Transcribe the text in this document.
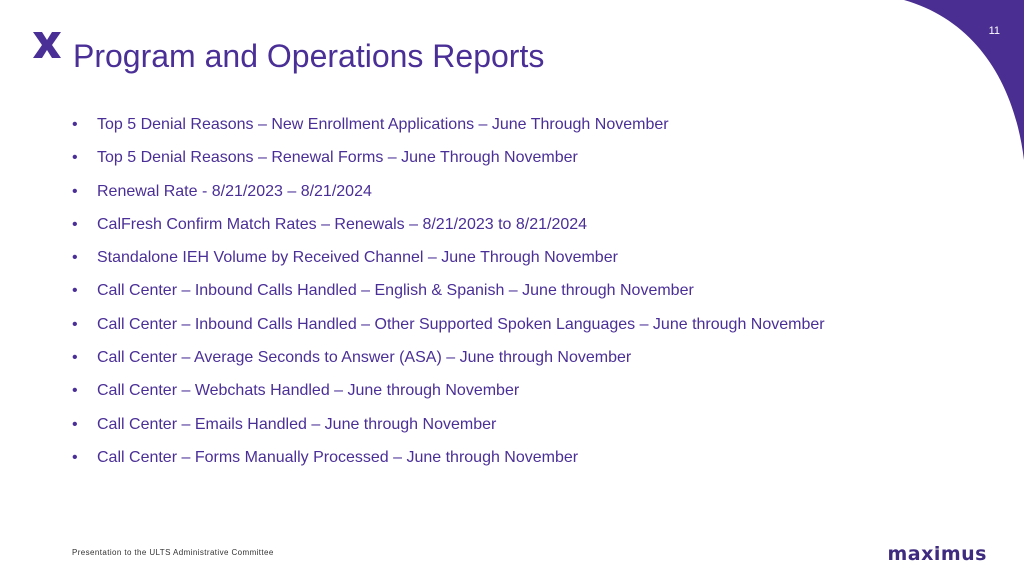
11
Program and Operations Reports
•	Top 5 Denial Reasons – New Enrollment Applications – June Through November
•	Top 5 Denial Reasons – Renewal Forms – June Through November
•	Renewal Rate - 8/21/2023 – 8/21/2024
•	CalFresh Confirm Match Rates – Renewals – 8/21/2023 to 8/21/2024
•	Standalone IEH Volume by Received Channel – June Through November
•	Call Center – Inbound Calls Handled – English & Spanish – June through November
•	Call Center – Inbound Calls Handled – Other Supported Spoken Languages – June through November
•	Call Center – Average Seconds to Answer (ASA) – June through November
•	Call Center – Webchats Handled – June through November
•	Call Center – Emails Handled – June through November
•	Call Center – Forms Manually Processed – June through November
Presentation to the ULTS Administrative Committee	maximus
